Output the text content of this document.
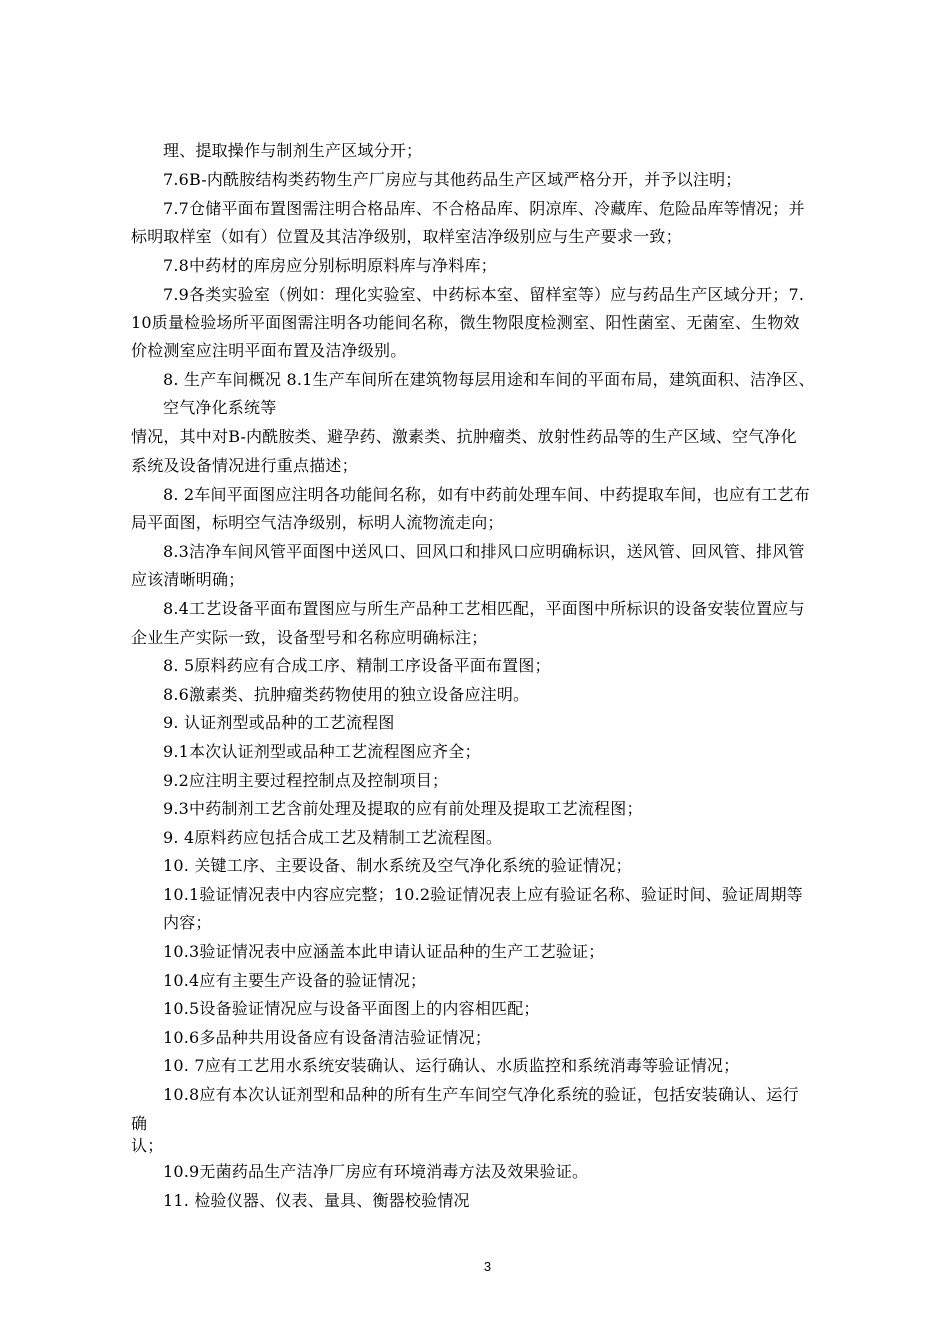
理、提取操作与制剂生产区域分开；
7.6B-内酰胺结构类药物生产厂房应与其他药品生产区域严格分开，并予以注明；
7.7仓储平面布置图需注明合格品库、不合格品库、阴凉库、冷藏库、危险品库等情况；并
标明取样室（如有）位置及其洁净级别，取样室洁净级别应与生产要求一致；
7.8中药材的库房应分别标明原料库与净料库；
7.9各类实验室（例如：理化实验室、中药标本室、留样室等）应与药品生产区域分开；7.
10质量检验场所平面图需注明各功能间名称，微生物限度检测室、阳性菌室、无菌室、生物效
价检测室应注明平面布置及洁净级别。
8. 生产车间概况 8.1生产车间所在建筑物每层用途和车间的平面布局，建筑面积、洁净区、
空气净化系统等
情况，其中对B-内酰胺类、避孕药、激素类、抗肿瘤类、放射性药品等的生产区域、空气净化
系统及设备情况进行重点描述；
8. 2车间平面图应注明各功能间名称，如有中药前处理车间、中药提取车间，也应有工艺布
局平面图，标明空气洁净级别，标明人流物流走向；
8.3洁净车间风管平面图中送风口、回风口和排风口应明确标识，送风管、回风管、排风管
应该清晰明确；
8.4工艺设备平面布置图应与所生产品种工艺相匹配，平面图中所标识的设备安装位置应与
企业生产实际一致，设备型号和名称应明确标注；
8. 5原料药应有合成工序、精制工序设备平面布置图；
8.6激素类、抗肿瘤类药物使用的独立设备应注明。
9. 认证剂型或品种的工艺流程图
9.1本次认证剂型或品种工艺流程图应齐全；
9.2应注明主要过程控制点及控制项目；
9.3中药制剂工艺含前处理及提取的应有前处理及提取工艺流程图；
9. 4原料药应包括合成工艺及精制工艺流程图。
10. 关键工序、主要设备、制水系统及空气净化系统的验证情况；
10.1验证情况表中内容应完整；10.2验证情况表上应有验证名称、验证时间、验证周期等
内容；
10.3验证情况表中应涵盖本此申请认证品种的生产工艺验证；
10.4应有主要生产设备的验证情况；
10.5设备验证情况应与设备平面图上的内容相匹配；
10.6多品种共用设备应有设备清洁验证情况；
10. 7应有工艺用水系统安装确认、运行确认、水质监控和系统消毒等验证情况；
10.8应有本次认证剂型和品种的所有生产车间空气净化系统的验证，包括安装确认、运行
确
认；
10.9无菌药品生产洁净厂房应有环境消毒方法及效果验证。
11. 检验仪器、仪表、量具、衡器校验情况
3
